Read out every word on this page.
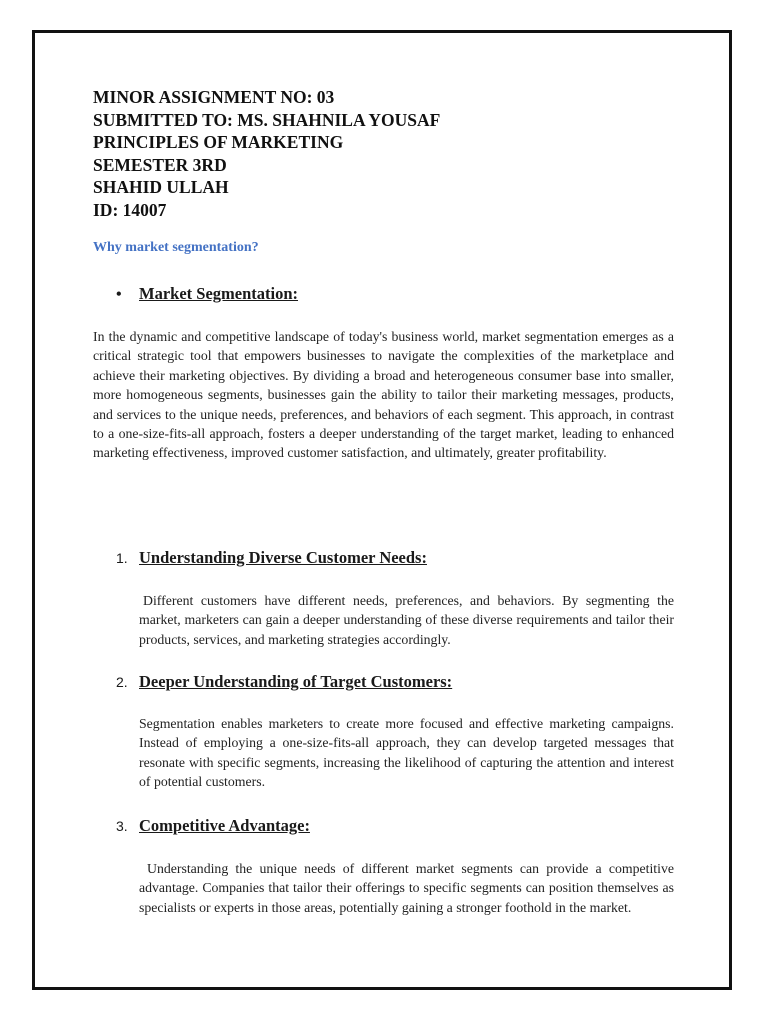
MINOR ASSIGNMENT NO: 03
SUBMITTED TO: MS. SHAHNILA YOUSAF
PRINCIPLES OF MARKETING
SEMESTER 3RD
SHAHID ULLAH
ID: 14007
Why market segmentation?
• Market Segmentation:
In the dynamic and competitive landscape of today's business world, market segmentation emerges as a critical strategic tool that empowers businesses to navigate the complexities of the marketplace and achieve their marketing objectives. By dividing a broad and heterogeneous consumer base into smaller, more homogeneous segments, businesses gain the ability to tailor their marketing messages, products, and services to the unique needs, preferences, and behaviors of each segment. This approach, in contrast to a one-size-fits-all approach, fosters a deeper understanding of the target market, leading to enhanced marketing effectiveness, improved customer satisfaction, and ultimately, greater profitability.
1. Understanding Diverse Customer Needs:
Different customers have different needs, preferences, and behaviors. By segmenting the market, marketers can gain a deeper understanding of these diverse requirements and tailor their products, services, and marketing strategies accordingly.
2. Deeper Understanding of Target Customers:
Segmentation enables marketers to create more focused and effective marketing campaigns. Instead of employing a one-size-fits-all approach, they can develop targeted messages that resonate with specific segments, increasing the likelihood of capturing the attention and interest of potential customers.
3. Competitive Advantage:
Understanding the unique needs of different market segments can provide a competitive advantage. Companies that tailor their offerings to specific segments can position themselves as specialists or experts in those areas, potentially gaining a stronger foothold in the market.
